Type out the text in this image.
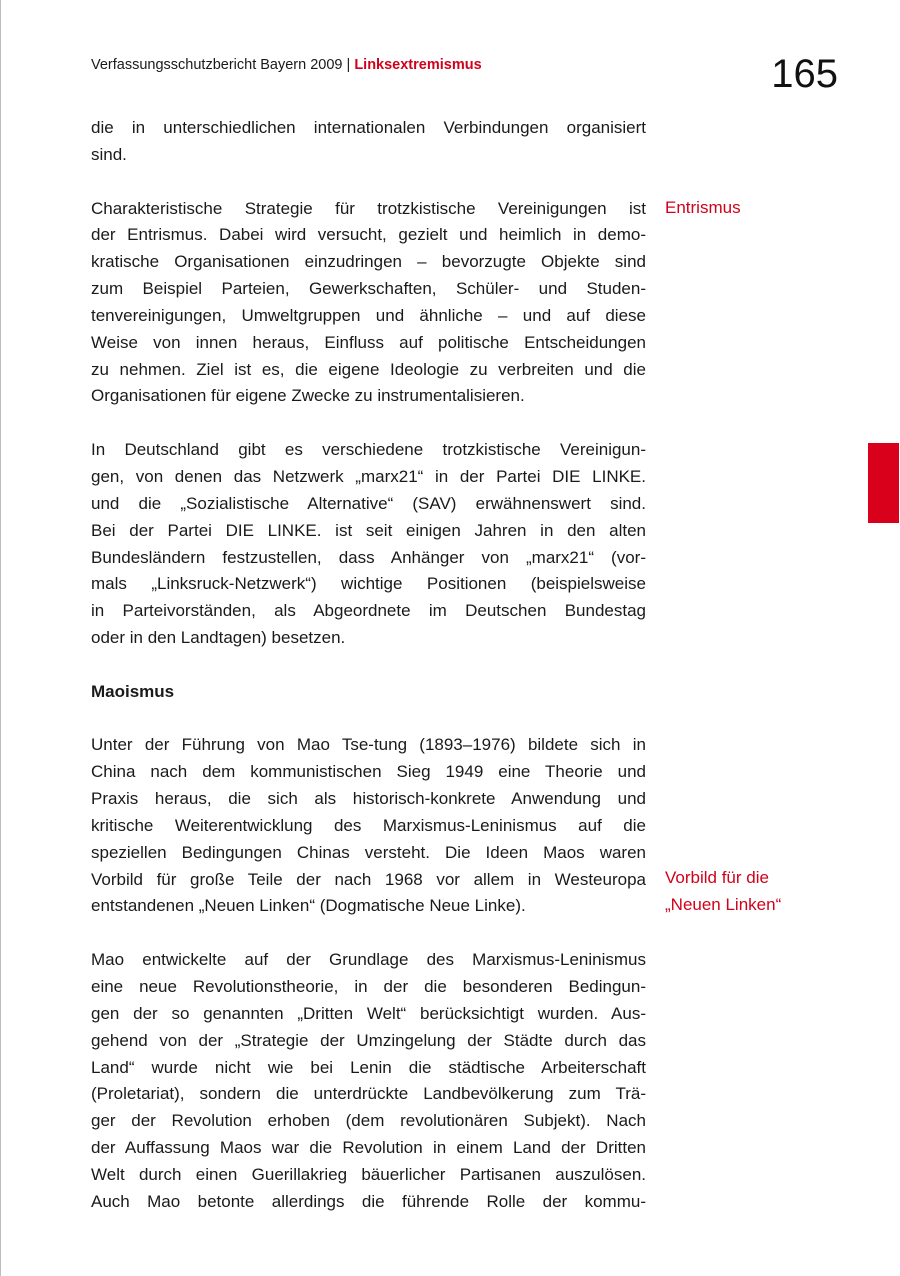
Verfassungsschutzbericht Bayern 2009 | Linksextremismus	165
die in unterschiedlichen internationalen Verbindungen organisiert
sind.
Charakteristische Strategie für trotzkistische Vereinigungen ist
der Entrismus. Dabei wird versucht, gezielt und heimlich in demo-
kratische Organisationen einzudringen – bevorzugte Objekte sind
zum Beispiel Parteien, Gewerkschaften, Schüler- und Studen-
tenvereinigungen, Umweltgruppen und ähnliche – und auf diese
Weise von innen heraus, Einfluss auf politische Entscheidungen
zu nehmen. Ziel ist es, die eigene Ideologie zu verbreiten und die
Organisationen für eigene Zwecke zu instrumentalisieren.
In Deutschland gibt es verschiedene trotzkistische Vereinigun-
gen, von denen das Netzwerk „marx21“ in der Partei DIE LINKE.
und die „Sozialistische Alternative“ (SAV) erwähnenswert sind.
Bei der Partei DIE LINKE. ist seit einigen Jahren in den alten
Bundesländern festzustellen, dass Anhänger von „marx21“ (vor-
mals „Linksruck-Netzwerk“) wichtige Positionen (beispielsweise
in Parteivorständen, als Abgeordnete im Deutschen Bundestag
oder in den Landtagen) besetzen.
Maoismus
Unter der Führung von Mao Tse-tung (1893–1976) bildete sich in
China nach dem kommunistischen Sieg 1949 eine Theorie und
Praxis heraus, die sich als historisch-konkrete Anwendung und
kritische Weiterentwicklung des Marxismus-Leninismus auf die
speziellen Bedingungen Chinas versteht. Die Ideen Maos waren
Vorbild für große Teile der nach 1968 vor allem in Westeuropa
entstandenen „Neuen Linken“ (Dogmatische Neue Linke).
Mao entwickelte auf der Grundlage des Marxismus-Leninismus
eine neue Revolutionstheorie, in der die besonderen Bedingun-
gen der so genannten „Dritten Welt“ berücksichtigt wurden. Aus-
gehend von der „Strategie der Umzingelung der Städte durch das
Land“ wurde nicht wie bei Lenin die städtische Arbeiterschaft
(Proletariat), sondern die unterdrückte Landbevölkerung zum Trä-
ger der Revolution erhoben (dem revolutionären Subjekt). Nach
der Auffassung Maos war die Revolution in einem Land der Dritten
Welt durch einen Guerillakrieg bäuerlicher Partisanen auszulösen.
Auch Mao betonte allerdings die führende Rolle der kommu-
Entrismus
Vorbild für die
„Neuen Linken“
